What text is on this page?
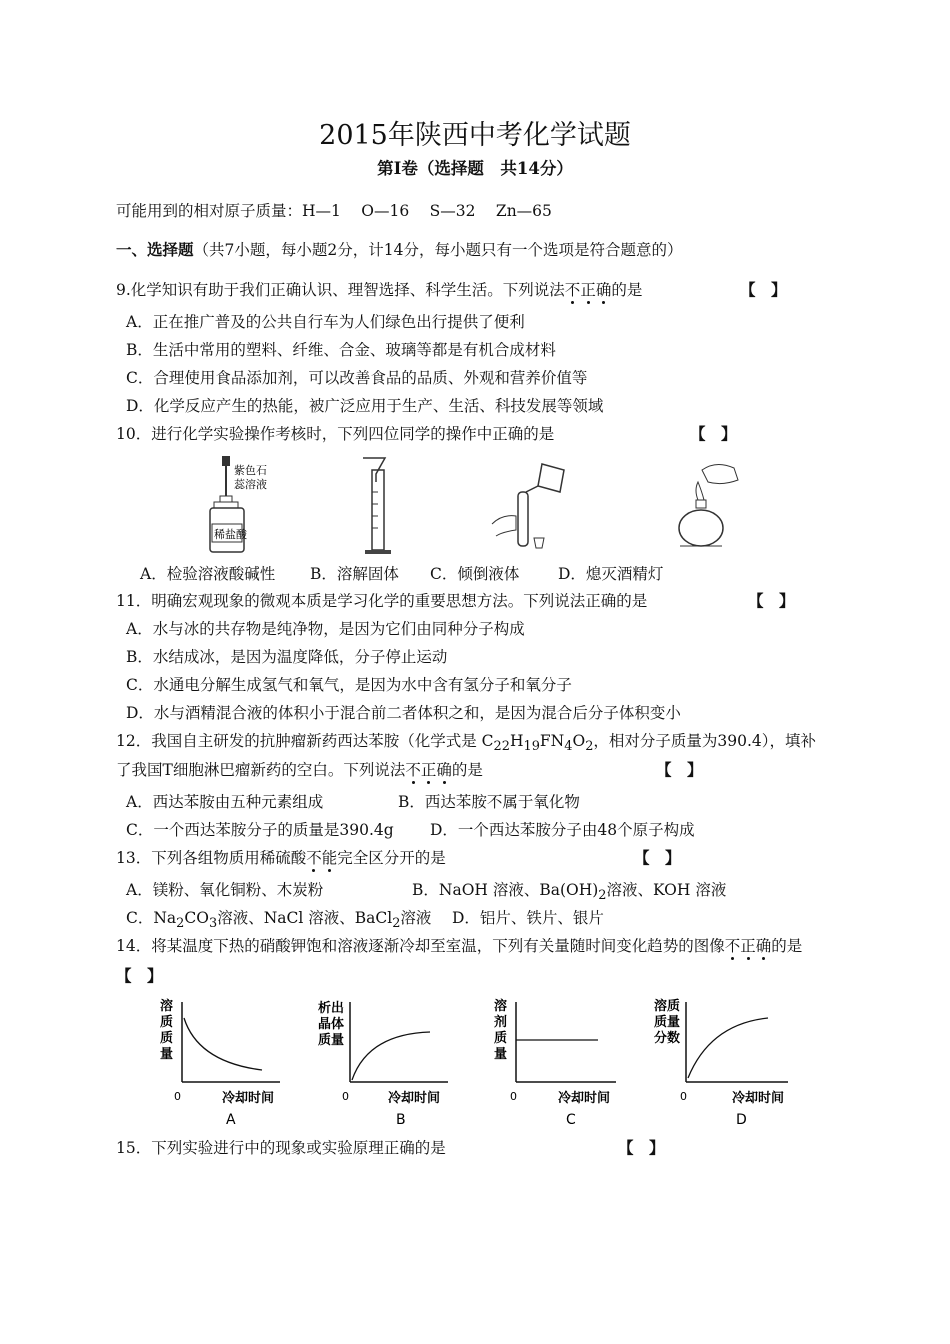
2015年陕西中考化学试题
第Ⅰ卷（选择题　共14分）
可能用到的相对原子质量：H—1　 O—16　 S—32　 Zn—65
一、选择题（共7小题，每小题2分，计14分，每小题只有一个选项是符合题意的）
9.化学知识有助于我们正确认识、理智选择、科学生活。下列说法不正确的是	【　】
A．正在推广普及的公共自行车为人们绿色出行提供了便利
B．生活中常用的塑料、纤维、合金、玻璃等都是有机合成材料
C．合理使用食品添加剂，可以改善食品的品质、外观和营养价值等
D．化学反应产生的热能，被广泛应用于生产、生活、科技发展等领域
10．进行化学实验操作考核时，下列四位同学的操作中正确的是	【　】
紫色石
蕊溶液
稀盐酸
A．检验溶液酸碱性 B．溶解固体 C．倾倒液体 D．熄灭酒精灯
11．明确宏观现象的微观本质是学习化学的重要思想方法。下列说法正确的是	【　】
A．水与冰的共存物是纯净物，是因为它们由同种分子构成
B．水结成冰，是因为温度降低，分子停止运动
C．水通电分解生成氢气和氧气，是因为水中含有氢分子和氧分子
D．水与酒精混合液的体积小于混合前二者体积之和，是因为混合后分子体积变小
12．我国自主研发的抗肿瘤新药西达苯胺（化学式是 $C_{22}H_{19}FN_4O_2$，相对分子质量为390.4），填补
了我国T细胞淋巴瘤新药的空白。下列说法不正确的是	【　】
A．西达苯胺由五种元素组成	B．西达苯胺不属于氧化物
C．一个西达苯胺分子的质量是390.4g D．一个西达苯胺分子由48个原子构成
13．下列各组物质用稀硫酸不能完全区分开的是	【　】
A．镁粉、氧化铜粉、木炭粉	B．NaOH 溶液、$Ba(OH)_2$溶液、KOH 溶液
C．$Na_2CO_3$溶液、NaCl 溶液、BaCl$_2$溶液 D．铝片、铁片、银片
14．将某温度下热的硝酸钾饱和溶液逐渐冷却至室温，下列有关量随时间变化趋势的图像不正确的是
【　】
溶
质
质
量
0	冷却时间
A
析出
晶体
质量
0	冷却时间
B
溶
剂
质
量
0	冷却时间
C
溶质
质量
分数
0	冷却时间
D
15．下列实验进行中的现象或实验原理正确的是	【　】
